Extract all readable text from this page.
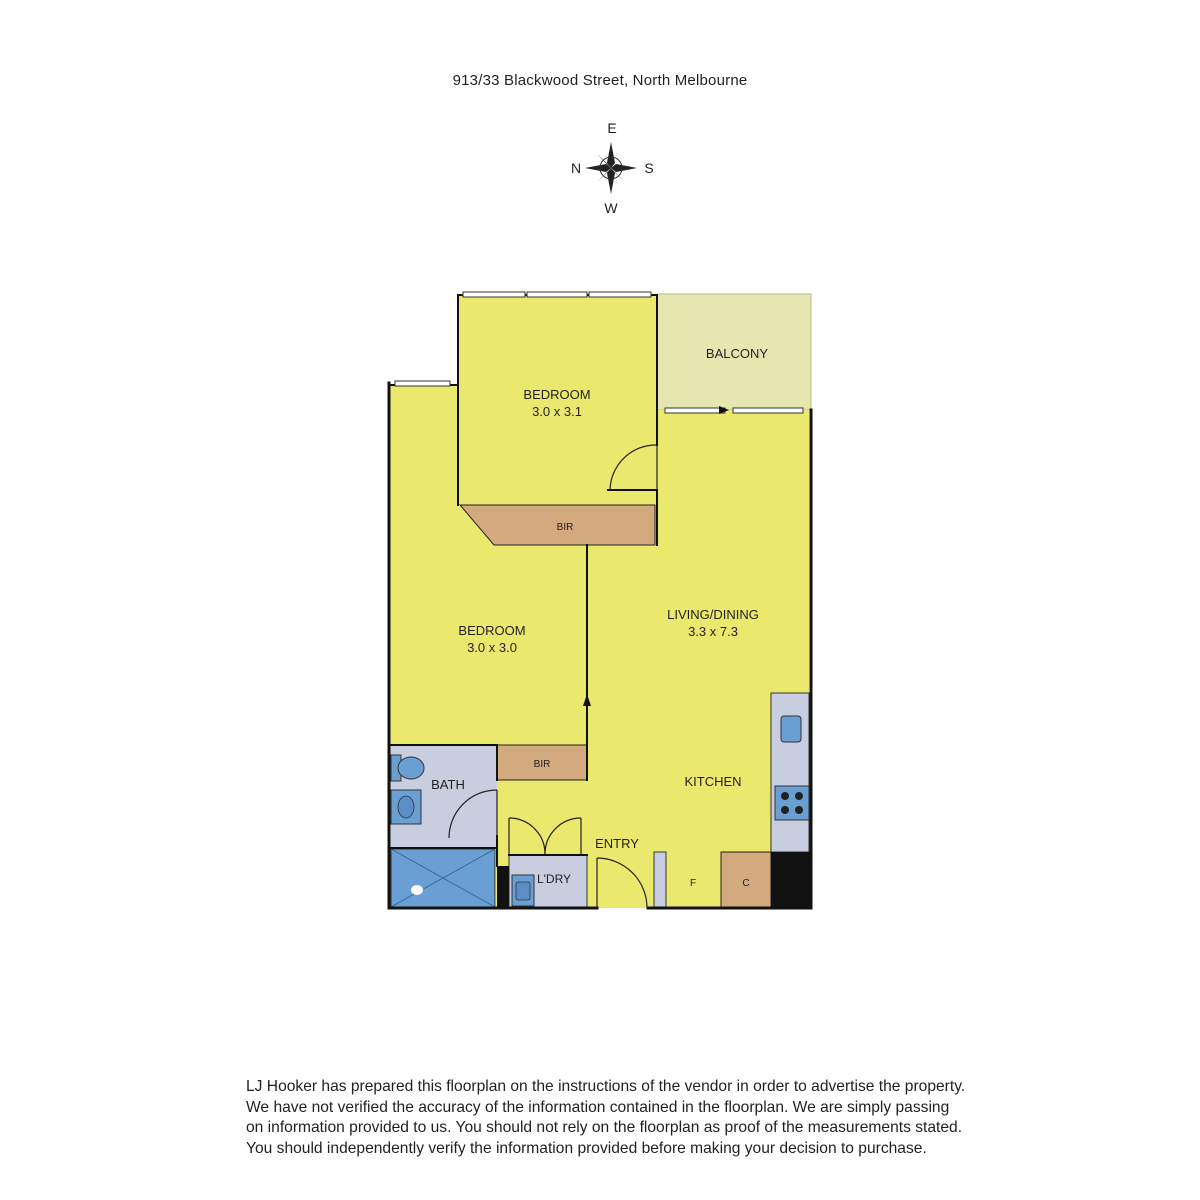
913/33 Blackwood Street, North Melbourne
E
N	S
W
BEDROOM
3.0 x 3.1
BALCONY
BIR
BEDROOM
3.0 x 3.0
LIVING/DINING
3.3 x 7.3
BIR
BATH	KITCHEN
ENTRY
L'DRY	F	C
LJ Hooker has prepared this floorplan on the instructions of the vendor in order to advertise the property. We have not verified the accuracy of the information contained in the floorplan. We are simply passing on information provided to us. You should not rely on the floorplan as proof of the measurements stated. You should independently verify the information provided before making your decision to purchase.
